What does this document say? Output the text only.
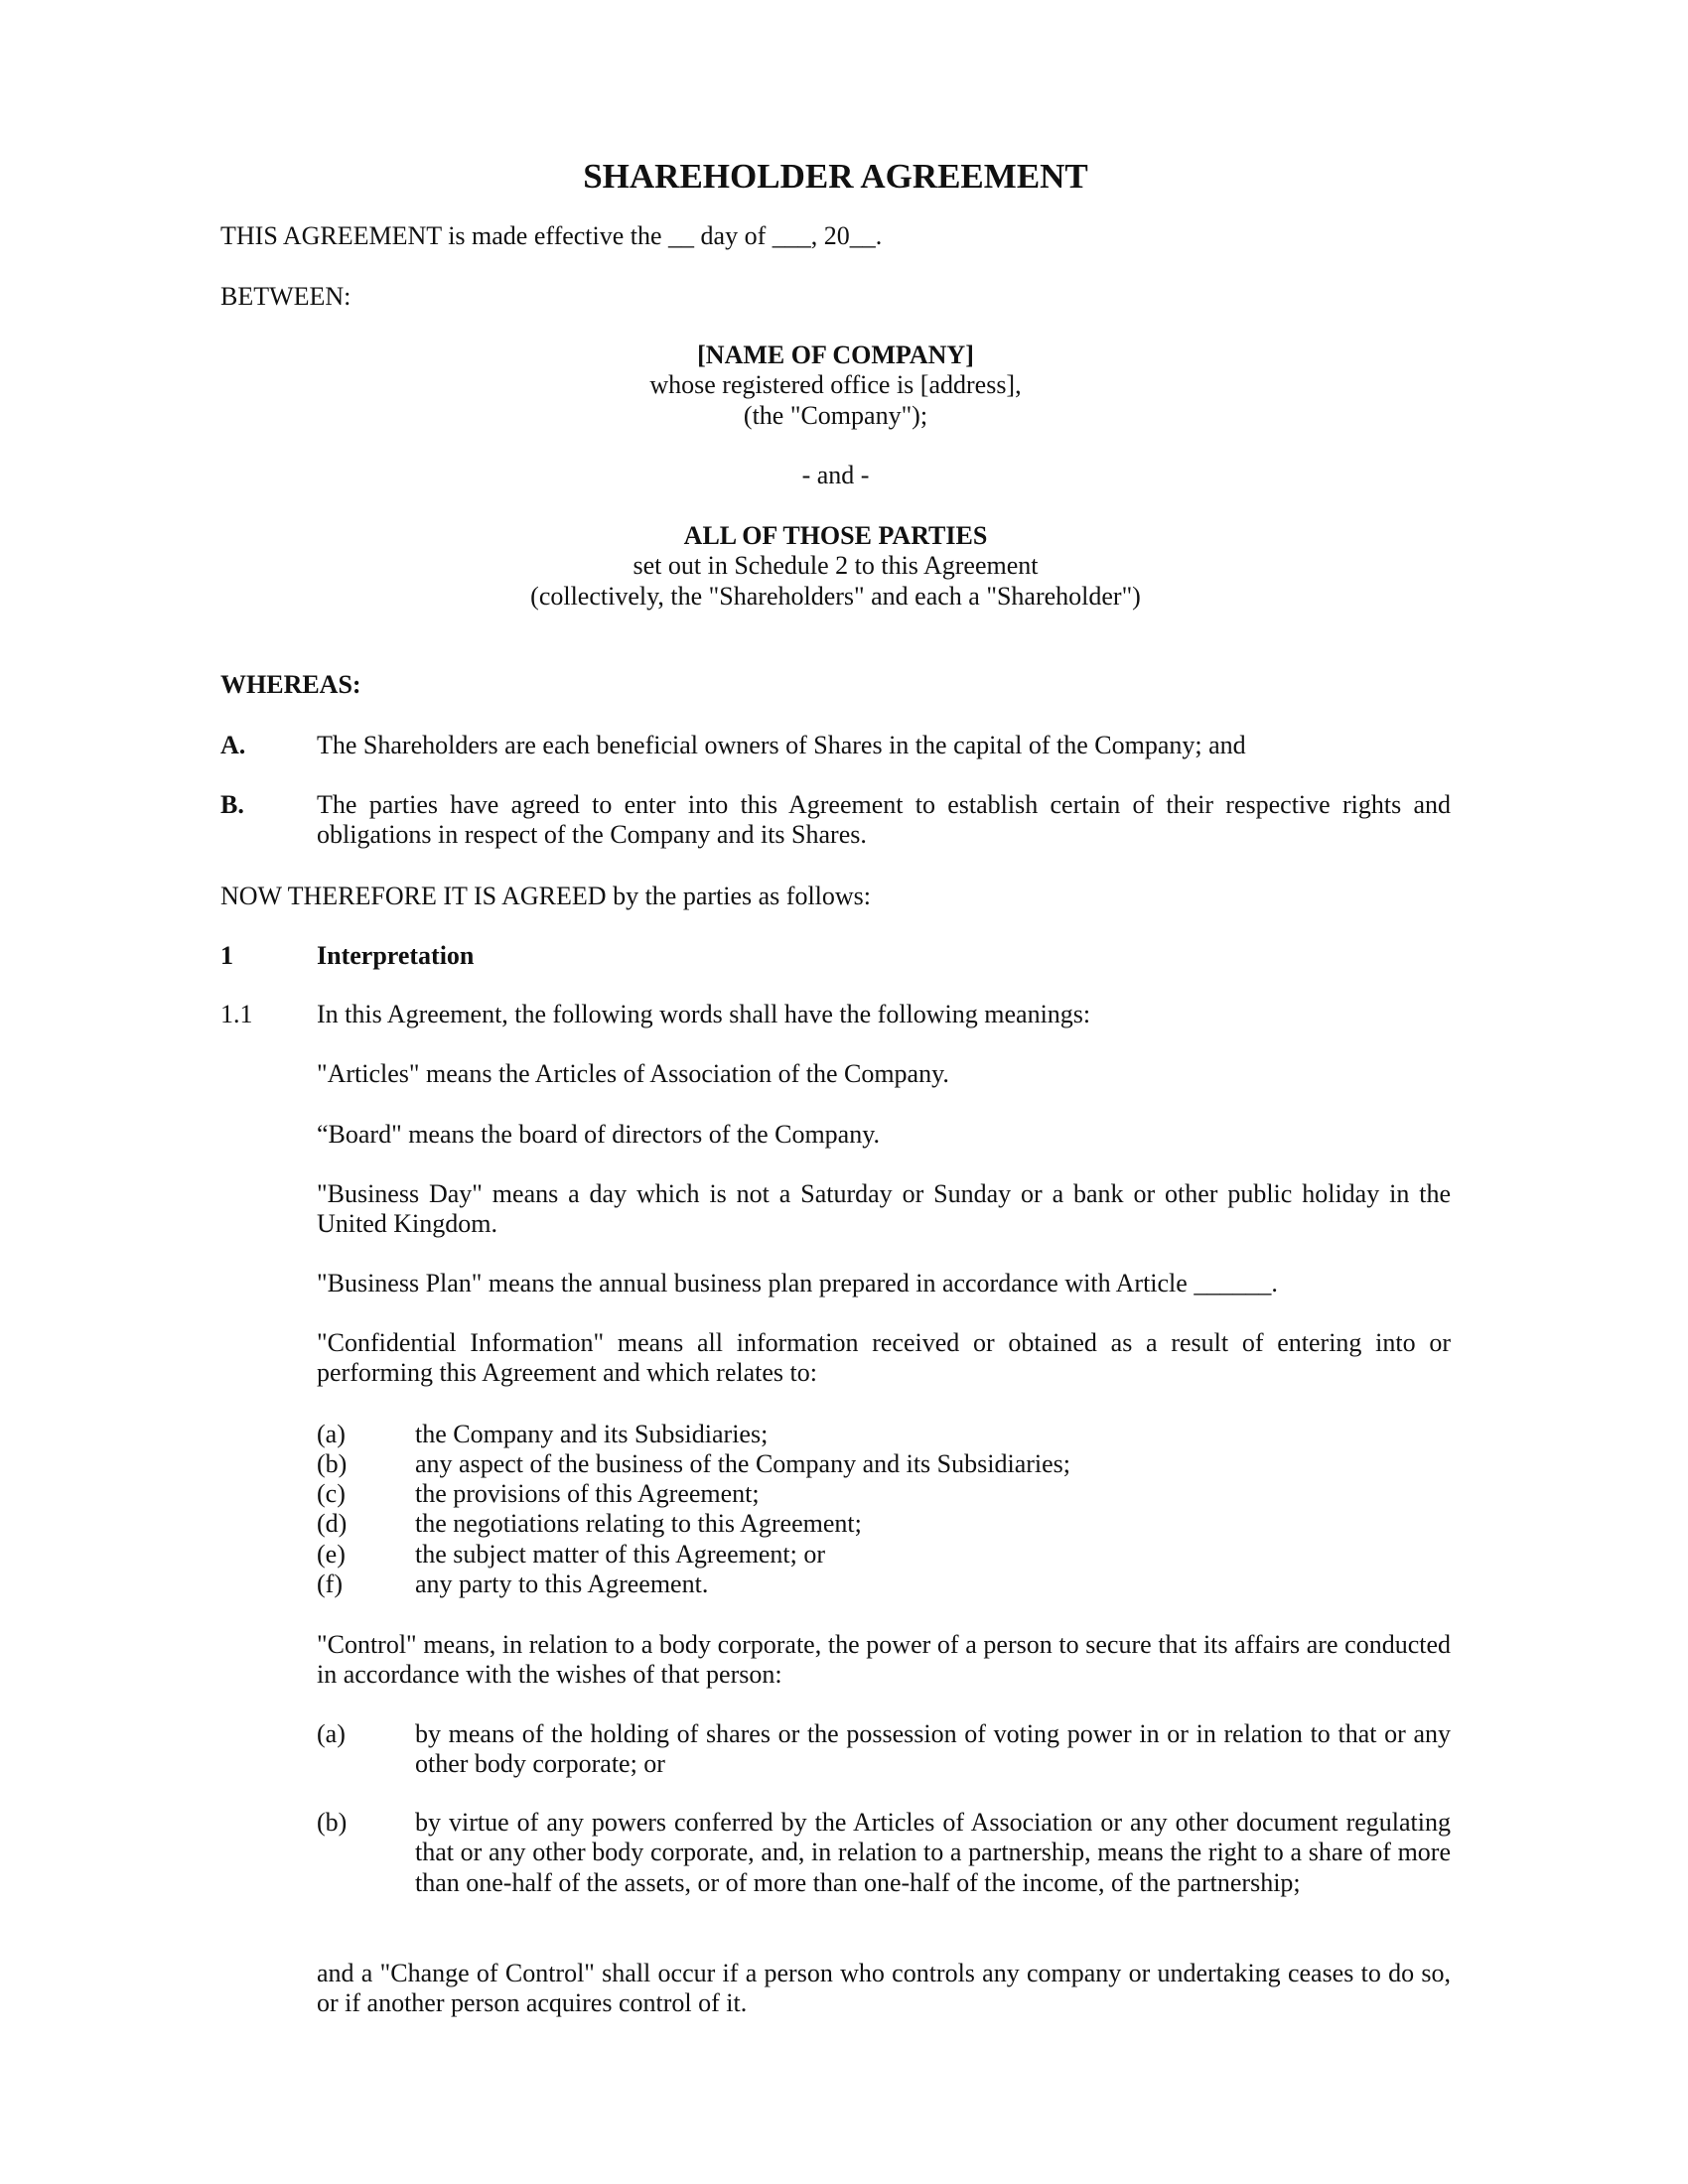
SHAREHOLDER AGREEMENT

THIS AGREEMENT is made effective the __ day of ___, 20__.

BETWEEN:

[NAME OF COMPANY]
whose registered office is [address],
(the "Company");
- and -
ALL OF THOSE PARTIES
set out in Schedule 2 to this Agreement
(collectively, the "Shareholders" and each a "Shareholder")

WHEREAS:

A.	The Shareholders are each beneficial owners of Shares in the capital of the Company; and
B.	The parties have agreed to enter into this Agreement to establish certain of their respective rights and obligations in respect of the Company and its Shares.

NOW THEREFORE IT IS AGREED by the parties as follows:

1	Interpretation
1.1 In this Agreement, the following words shall have the following meanings:

"Articles" means the Articles of Association of the Company.

“Board" means the board of directors of the Company.

"Business Day" means a day which is not a Saturday or Sunday or a bank or other public holiday in the United Kingdom.

"Business Plan" means the annual business plan prepared in accordance with Article ______.

"Confidential Information" means all information received or obtained as a result of entering into or performing this Agreement and which relates to:

(a)	the Company and its Subsidiaries;
(b)	any aspect of the business of the Company and its Subsidiaries;
(c)	the provisions of this Agreement;
(d)	the negotiations relating to this Agreement;
(e)	the subject matter of this Agreement; or
(f)	any party to this Agreement.

"Control" means, in relation to a body corporate, the power of a person to secure that its affairs are conducted in accordance with the wishes of that person:

(a)	by means of the holding of shares or the possession of voting power in or in relation to that or any other body corporate; or
(b)	by virtue of any powers conferred by the Articles of Association or any other document regulating that or any other body corporate, and, in relation to a partnership, means the right to a share of more than one-half of the assets, or of more than one-half of the income, of the partnership;

and a "Change of Control" shall occur if a person who controls any company or undertaking ceases to do so, or if another person acquires control of it.
